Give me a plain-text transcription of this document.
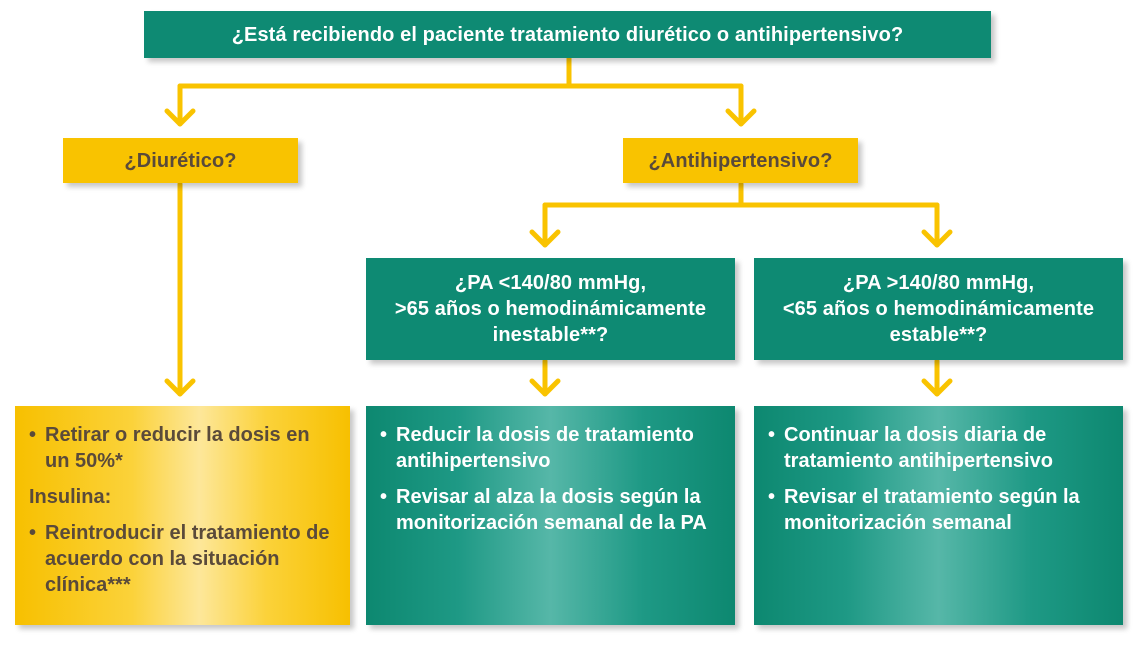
¿Está recibiendo el paciente tratamiento diurético o antihipertensivo?
¿Diurético?	¿Antihipertensivo?
¿PA <140/80 mmHg,
>65 años o hemodinámicamente
inestable**?
¿PA >140/80 mmHg,
<65 años o hemodinámicamente
estable**?
• Retirar o reducir la dosis en un 50%*

Insulina:

• Reintroducir el tratamiento de acuerdo con la situación clínica***
• Reducir la dosis de tratamiento antihipertensivo
• Revisar al alza la dosis según la monitorización semanal de la PA
• Continuar la dosis diaria de tratamiento antihipertensivo
• Revisar el tratamiento según la monitorización semanal
